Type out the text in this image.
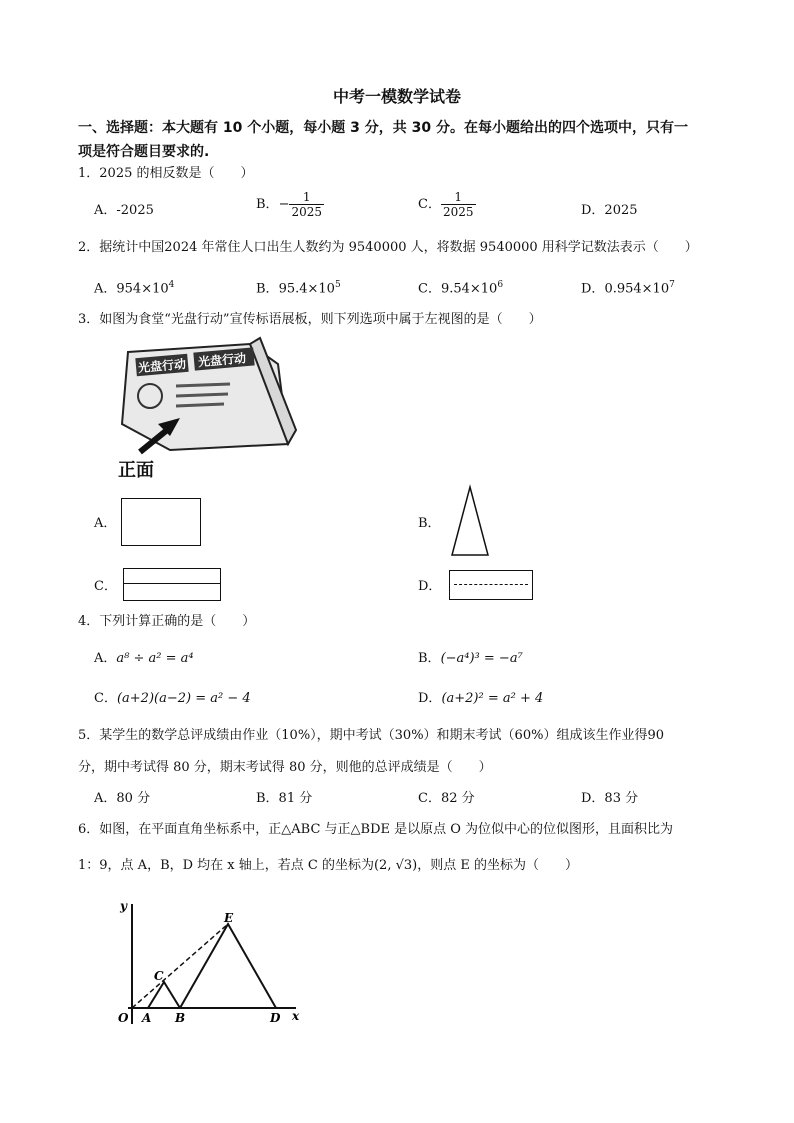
中考一模数学试卷
一、选择题：本大题有 10 个小题，每小题 3 分，共 30 分。在每小题给出的四个选项中，只有一
项是符合题目要求的.
1．2025 的相反数是（　　）
A．-2025	B．− $\frac{1}{2025}$	C． $\frac{1}{2025}$	D．2025
2．据统计中国2024 年常住人口出生人数约为 9540000 人，将数据 9540000 用科学记数法表示（　　）
A．$954\times 10^4$	B．$95.4\times 10^5$	C．$9.54\times 10^6$	D．$0.954\times 10^7$
3．如图为食堂“光盘行动”宣传标语展板，则下列选项中属于左视图的是（　　）
光盘行动 光盘行动
正面
A．	B．
C．	D．
4．下列计算正确的是（　　）
A．a⁸ ÷ a² = a⁴	B．(−a⁴)³ = −a⁷
C．(a+2)(a−2) = a² − 4	D．(a+2)² = a² + 4
5．某学生的数学总评成绩由作业（10%），期中考试（30%）和期末考试（60%）组成该生作业得90
分，期中考试得 80 分，期末考试得 80 分，则他的总评成绩是（　　）
A．80 分	B．81 分	C．82 分	D．83 分
6．如图，在平面直角坐标系中，正△ABC 与正△BDE 是以原点 O 为位似中心的位似图形，且面积比为
1：9，点 A，B，D 均在 x 轴上，若点 C 的坐标为(2, √3)，则点 E 的坐标为（　　）
y
x
O A B
C
D
E
